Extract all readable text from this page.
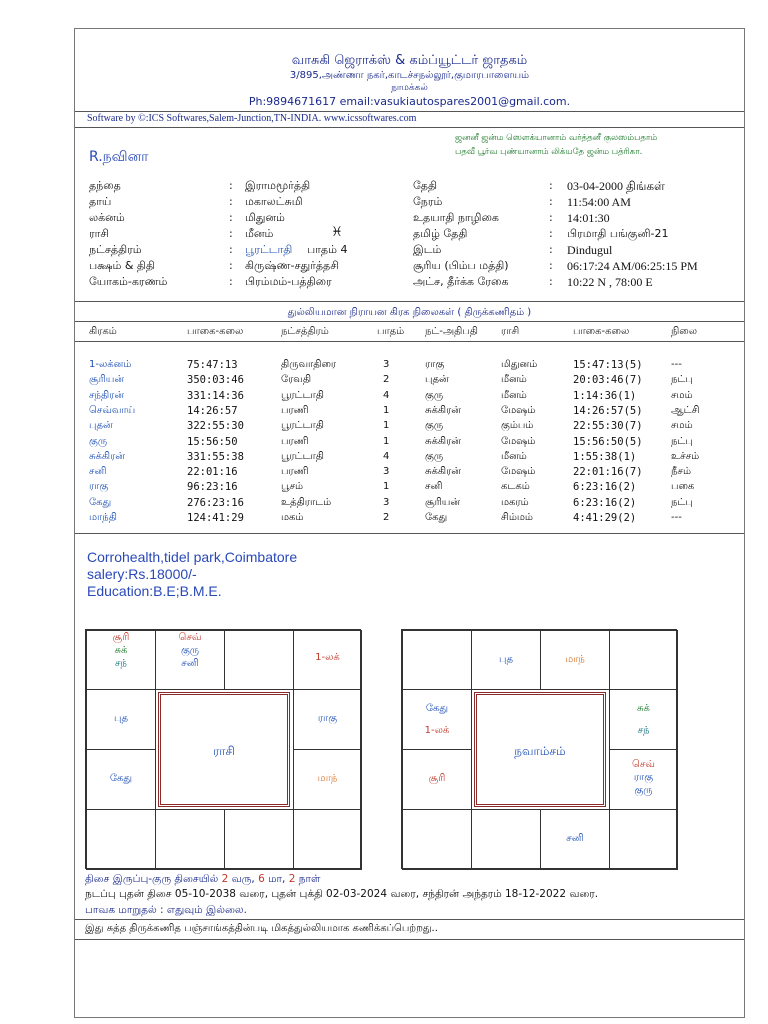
வாசுகி ஜெராக்ஸ் & கம்ப்யூட்டர் ஜாதகம்
3/895,அண்ணா நகர்,காடச்சநல்லூர்,குமாரபாளையம்
நாமக்கல்
Ph:9894671617 email:vasukiautospares2001@gmail.com.
Software by ©:ICS Softwares,Salem-Junction,TN-INDIA. www.icssoftwares.com
ஜனனீ ஜன்ம ஸௌக்யானாம் வர்த்தனீ குலஸம்பதாம்
பதவீ பூர்வ புண்யானாம் லிக்யதே ஜன்ம பத்ரிகா.
R.நவினா
தந்தை	: இராமமூர்த்தி
தாய்	: மகாலட்சுமி
லக்னம்	: மிதுனம்
ராசி	: மீனம்	♓
நட்சத்திரம்	: பூரட்டாதி பாதம் 4
பக்ஷம் & திதி	: கிருஷ்ண-சதுர்த்தசி
யோகம்-கரணம்	: பிரம்மம்-பத்திரை
தேதி	: 03-04-2000 திங்கள்
நேரம்	: 11:54:00 AM
உதயாதி நாழிகை	: 14:01:30
தமிழ் தேதி	: பிரமாதி பங்குனி-21
இடம்	: Dindugul
சூரிய (பிம்ப மத்தி)	: 06:17:24 AM/06:25:15 PM
அட்ச, தீர்க்க ரேகை	: 10:22 N , 78:00 E
துல்லியமான நிராயன கிரக நிலைகள் ( திருக்கணிதம் )
கிரகம்	பாகை-கலை	நட்சத்திரம்	பாதம் நட்-அதிபதி ராசி	பாகை-கலை	நிலை
1-லக்னம்	75:47:13	திருவாதிரை	3	ராகு	மிதுனம்	15:47:13(5)	---
சூரியன்	350:03:46	ரேவதி	2	புதன்	மீனம்	20:03:46(7)	நட்பு
சந்திரன்	331:14:36	பூரட்டாதி	4	குரு	மீனம்	1:14:36(1)	சமம்
செவ்வாய்	14:26:57	பரணி	1	சுக்கிரன்	மேஷம்	14:26:57(5)	ஆட்சி
புதன்	322:55:30	பூரட்டாதி	1	குரு	கும்பம்	22:55:30(7)	சமம்
குரு	15:56:50	பரணி	1	சுக்கிரன்	மேஷம்	15:56:50(5)	நட்பு
சுக்கிரன்	331:55:38	பூரட்டாதி	4	குரு	மீனம்	1:55:38(1)	உச்சம்
சனி	22:01:16	பரணி	3	சுக்கிரன்	மேஷம்	22:01:16(7)	நீசம்
ராகு	96:23:16	பூசம்	1	சனி	கடகம்	6:23:16(2)	பகை
கேது	276:23:16	உத்திராடம்	3	சூரியன்	மகரம்	6:23:16(2)	நட்பு
மாந்தி	124:41:29	மகம்	2	கேது	சிம்மம்	4:41:29(2)	---
Corrohealth,tidel park,Coimbatore
salery:Rs.18000/-
Education:B.E;B.M.E.
சூரி
சுக்
சந்
செவ்
குரு
சனி
1-லக்
புத	ராகு
கேது	மாந்
ராசி
புத	மாந்
கேது
1-லக்
சுக்
சந்
சூரி
செவ்
ராகு
குரு
சனி
நவாம்சம்
திசை இருப்பு-குரு திசையில் 2 வரு, 6 மா, 2 நாள்
நடப்பு புதன் திசை 05-10-2038 வரை, புதன் புக்தி 02-03-2024 வரை, சந்திரன் அந்தரம் 18-12-2022 வரை.
பாவக மாறுதல் : எதுவும் இல்லை.
இது சுத்த திருக்கணித பஞ்சாங்கத்தின்படி மிகத்துல்லியமாக கணிக்கப்பெற்றது..
